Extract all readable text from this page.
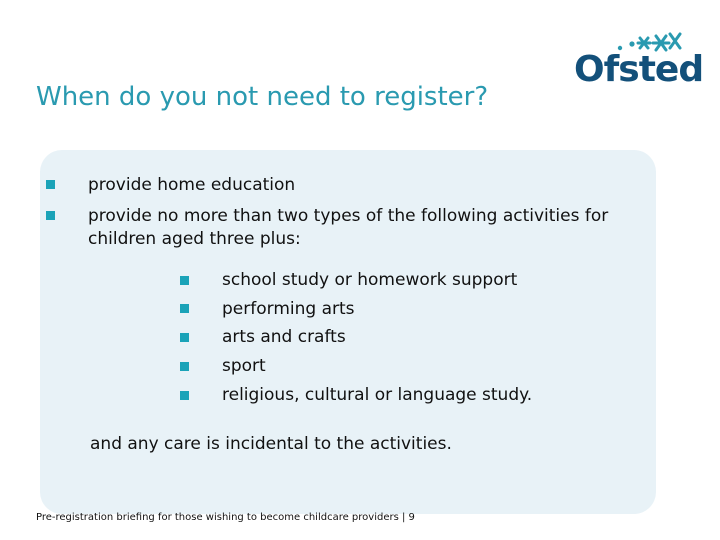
When do you not need to register?
Ofsted
provide home education
provide no more than two types of the following activities for
children aged three plus:
school study or homework support
performing arts
arts and crafts
sport
religious, cultural or language study.
and any care is incidental to the activities.
Pre-registration briefing for those wishing to become childcare providers | 9
